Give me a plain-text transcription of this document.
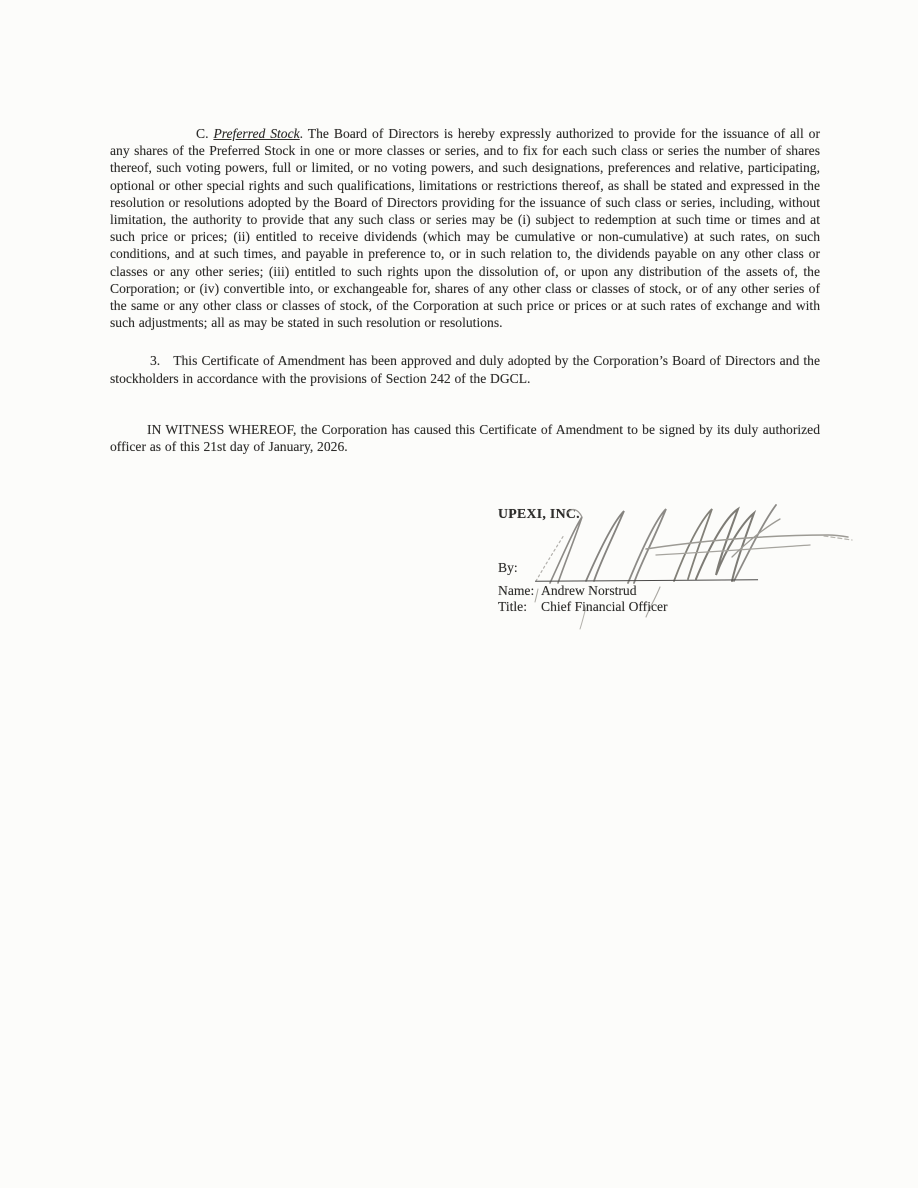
C. Preferred Stock. The Board of Directors is hereby expressly authorized to provide for the issuance of all or any shares of the Preferred Stock in one or more classes or series, and to fix for each such class or series the number of shares thereof, such voting powers, full or limited, or no voting powers, and such designations, preferences and relative, participating, optional or other special rights and such qualifications, limitations or restrictions thereof, as shall be stated and expressed in the resolution or resolutions adopted by the Board of Directors providing for the issuance of such class or series, including, without limitation, the authority to provide that any such class or series may be (i) subject to redemption at such time or times and at such price or prices; (ii) entitled to receive dividends (which may be cumulative or non-cumulative) at such rates, on such conditions, and at such times, and payable in preference to, or in such relation to, the dividends payable on any other class or classes or any other series; (iii) entitled to such rights upon the dissolution of, or upon any distribution of the assets of, the Corporation; or (iv) convertible into, or exchangeable for, shares of any other class or classes of stock, or of any other series of the same or any other class or classes of stock, of the Corporation at such price or prices or at such rates of exchange and with such adjustments; all as may be stated in such resolution or resolutions.

3. This Certificate of Amendment has been approved and duly adopted by the Corporation’s Board of Directors and the stockholders in accordance with the provisions of Section 242 of the DGCL.

IN WITNESS WHEREOF, the Corporation has caused this Certificate of Amendment to be signed by its duly authorized officer as of this 21st day of January, 2026.

UPEXI, INC.
By:
Name: Andrew Norstrud
Title: Chief Financial Officer
